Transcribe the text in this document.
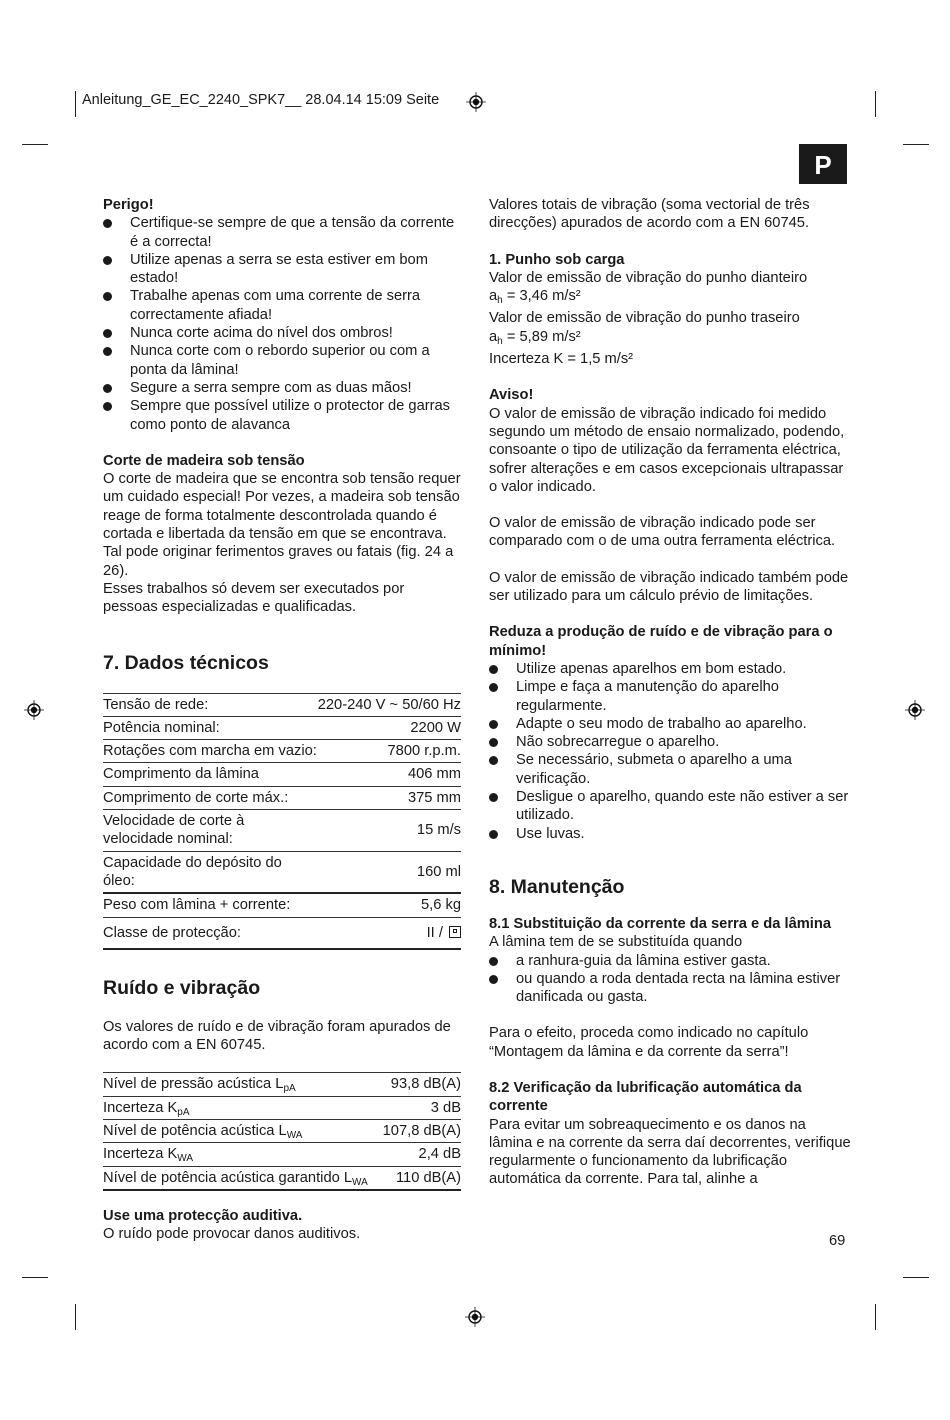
Anleitung_GE_EC_2240_SPK7__ 28.04.14 15:09 Seite
P

Perigo!

Certifique-se sempre de que a tensão da corrente é a correcta!
Utilize apenas a serra se esta estiver em bom estado!
Trabalhe apenas com uma corrente de serra correctamente afiada!
Nunca corte acima do nível dos ombros!
Nunca corte com o rebordo superior ou com a ponta da lâmina!
Segure a serra sempre com as duas mãos!
Sempre que possível utilize o protector de garras como ponto de alavanca

Corte de madeira sob tensão

O corte de madeira que se encontra sob tensão requer um cuidado especial! Por vezes, a madeira sob tensão reage de forma totalmente descontrolada quando é cortada e libertada da tensão em que se encontrava. Tal pode originar ferimentos graves ou fatais (fig. 24 a 26).

Esses trabalhos só devem ser executados por pessoas especializadas e qualificadas.

7. Dados técnicos
Tensão de rede:	220-240 V ~ 50/60 Hz
Potência nominal:	2200 W
Rotações com marcha em vazio:	7800 r.p.m.
Comprimento da lâmina	406 mm
Comprimento de corte máx.:	375 mm
Velocidade de corte à velocidade nominal:	15 m/s
Capacidade do depósito do óleo:	160 ml
Peso com lâmina + corrente:	5,6 kg
Classe de protecção:	II /
Ruído e vibração

Os valores de ruído e de vibração foram apurados de acordo com a EN 60745.

Nível de pressão acústica $L_{pA}$	93,8 dB(A)
Incerteza $K_{pA}$	3 dB
Nível de potência acústica $L_{WA}$	107,8 dB(A)
Incerteza $K_{WA}$	2,4 dB
Nível de potência acústica garantido $L_{WA}$	110 dB(A)

Use uma protecção auditiva.

O ruído pode provocar danos auditivos.

Valores totais de vibração (soma vectorial de três direcções) apurados de acordo com a EN 60745.

1. Punho sob carga

Valor de emissão de vibração do punho dianteiro

$a_h = 3,46$ m/s²

Valor de emissão de vibração do punho traseiro

$a_h = 5,89$ m/s²

Incerteza K = 1,5 m/s²

Aviso!

O valor de emissão de vibração indicado foi medido segundo um método de ensaio normalizado, podendo, consoante o tipo de utilização da ferramenta eléctrica, sofrer alterações e em casos excepcionais ultrapassar o valor indicado.

O valor de emissão de vibração indicado pode ser comparado com o de uma outra ferramenta eléctrica.

O valor de emissão de vibração indicado também pode ser utilizado para um cálculo prévio de limitações.

Reduza a produção de ruído e de vibração para o mínimo!

Utilize apenas aparelhos em bom estado.
Limpe e faça a manutenção do aparelho regularmente.
Adapte o seu modo de trabalho ao aparelho.
Não sobrecarregue o aparelho.
Se necessário, submeta o aparelho a uma verificação.
Desligue o aparelho, quando este não estiver a ser utilizado.
Use luvas.
8. Manutenção

8.1 Substituição da corrente da serra e da lâmina

A lâmina tem de se substituída quando

a ranhura-guia da lâmina estiver gasta.
ou quando a roda dentada recta na lâmina estiver danificada ou gasta.

Para o efeito, proceda como indicado no capítulo “Montagem da lâmina e da corrente da serra”!

8.2 Verificação da lubrificação automática da corrente

Para evitar um sobreaquecimento e os danos na lâmina e na corrente da serra daí decorrentes, verifique regularmente o funcionamento da lubrificação automática da corrente. Para tal, alinhe a

69
